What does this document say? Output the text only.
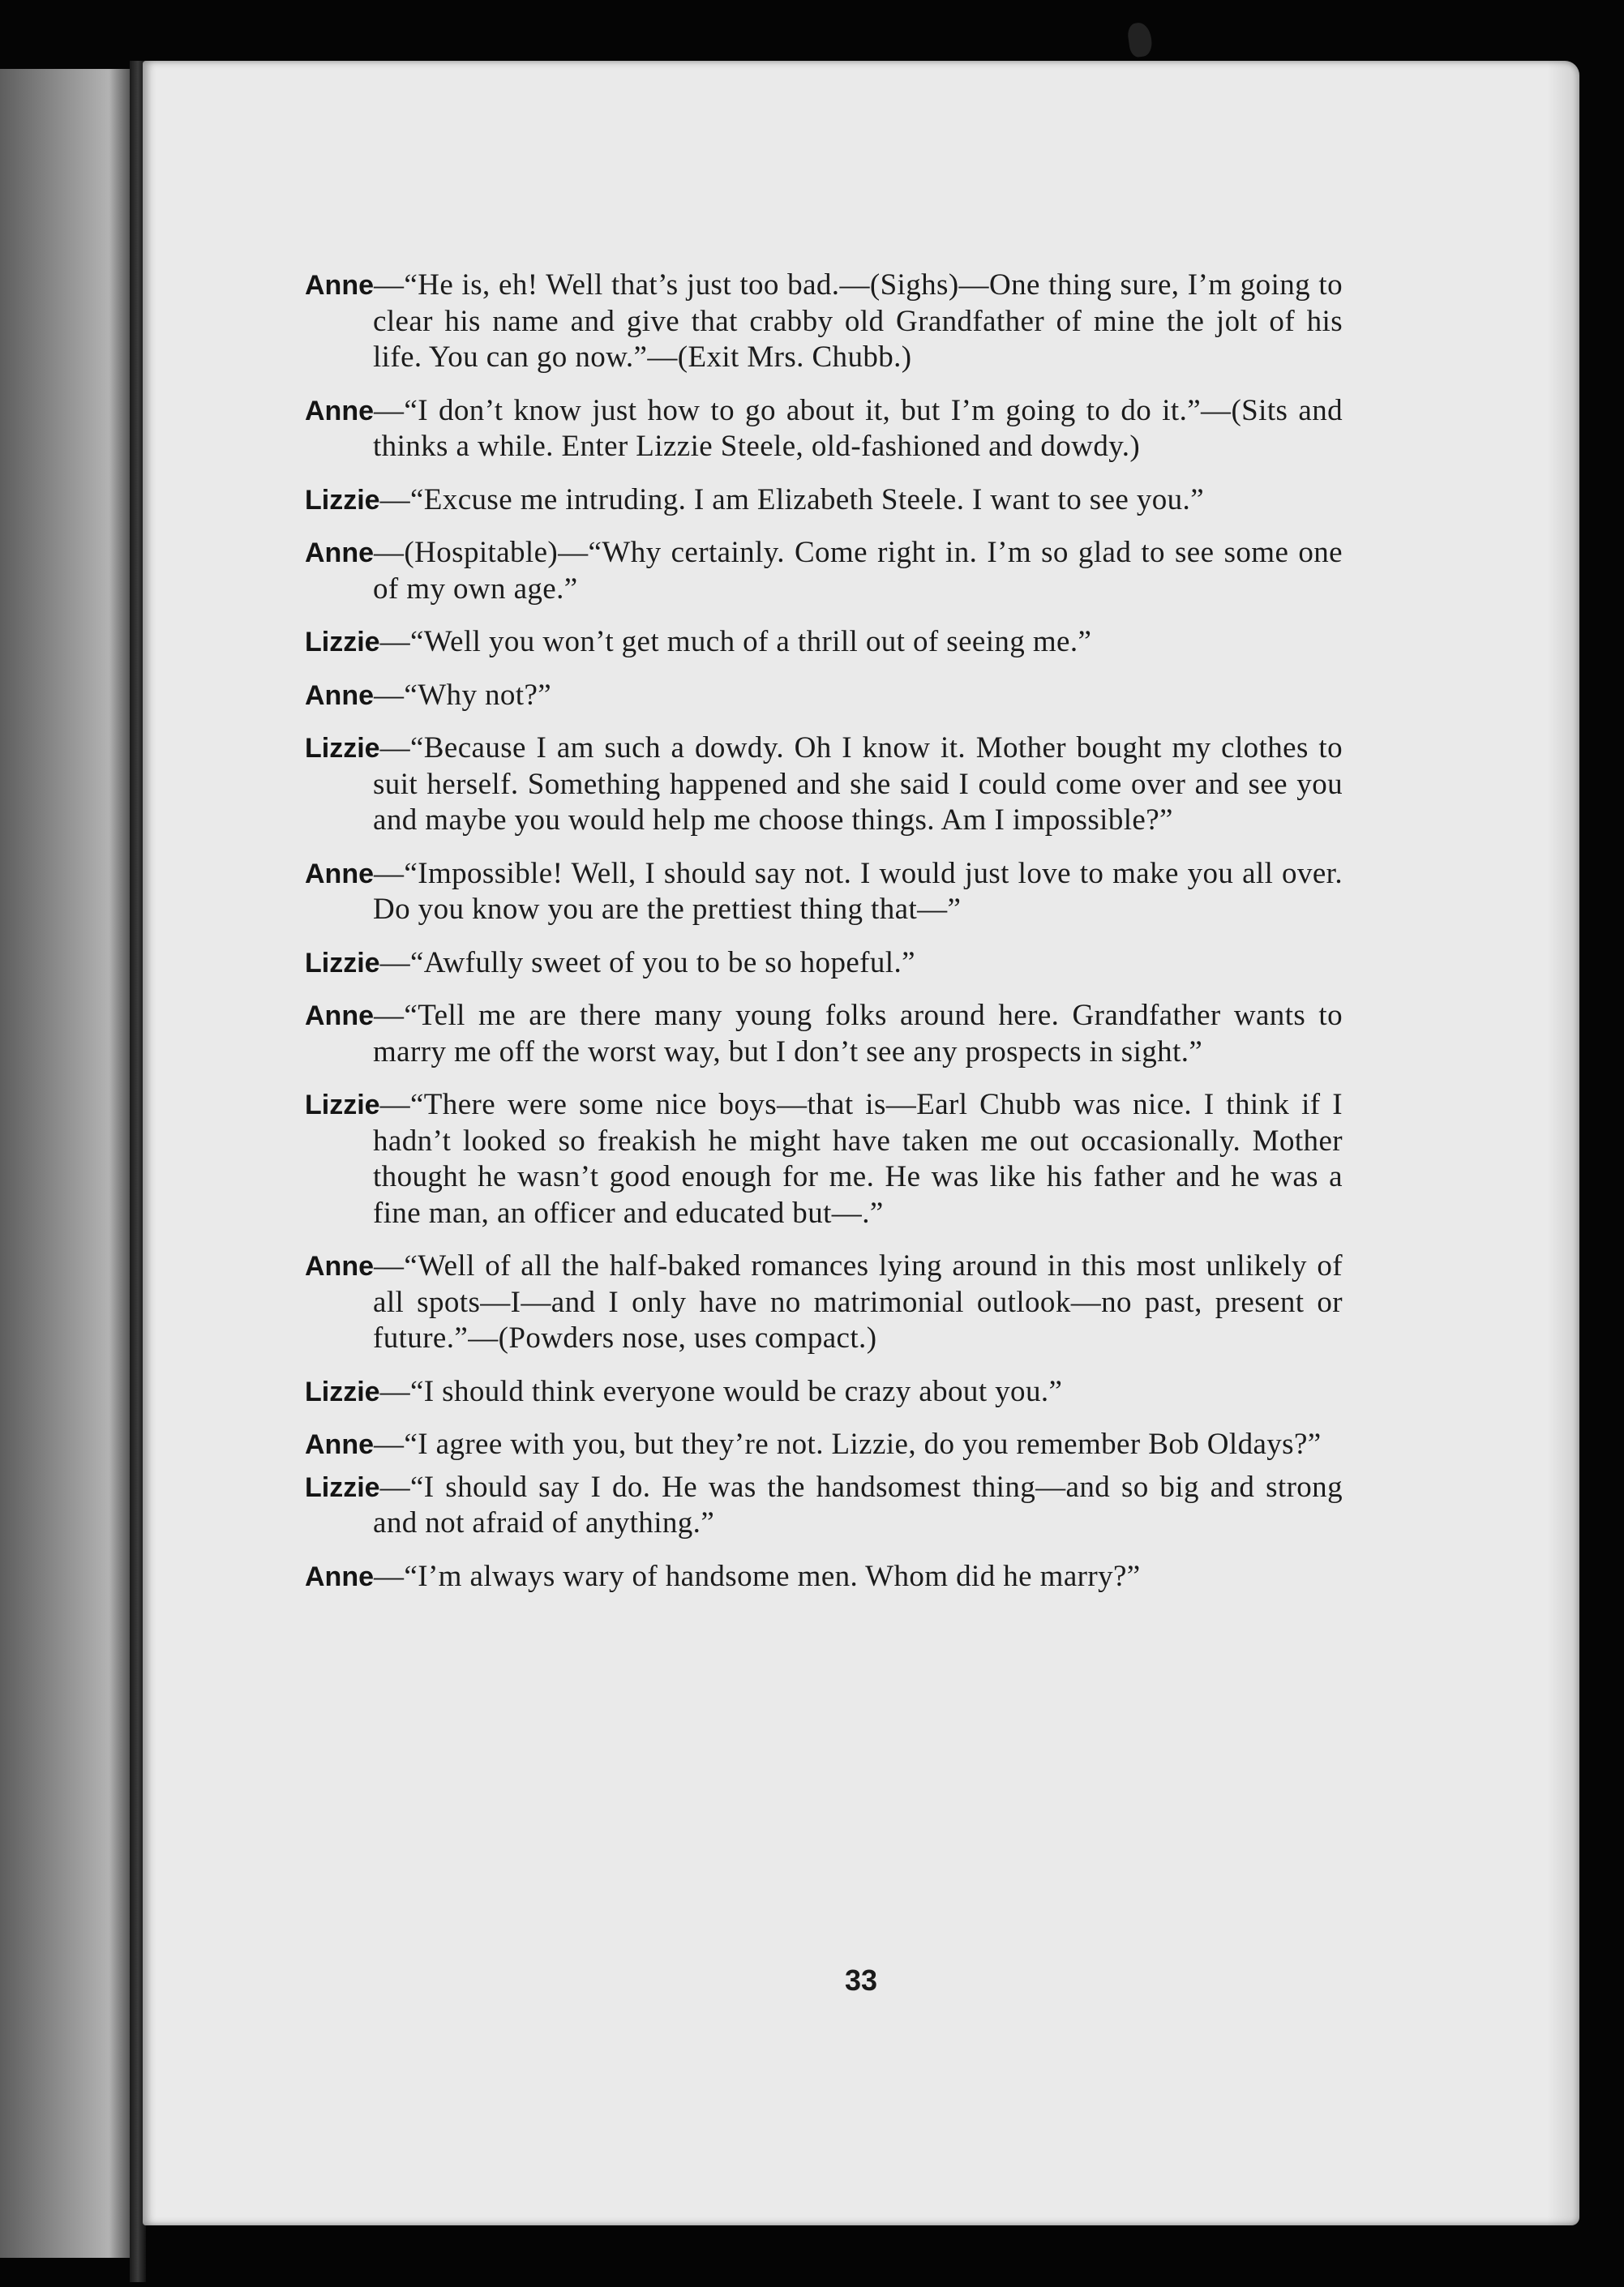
Anne—“He is, eh! Well that’s just too bad.—(Sighs)—One thing sure, I’m going to clear his name and give that crabby old Grandfather of mine the jolt of his life. You can go now.”—(Exit Mrs. Chubb.)

Anne—“I don’t know just how to go about it, but I’m going to do it.”—(Sits and thinks a while. Enter Lizzie Steele, old-fashioned and dowdy.)

Lizzie—“Excuse me intruding. I am Elizabeth Steele. I want to see you.”

Anne—(Hospitable)—“Why certainly. Come right in. I’m so glad to see some one of my own age.”

Lizzie—“Well you won’t get much of a thrill out of seeing me.”

Anne—“Why not?”

Lizzie—“Because I am such a dowdy. Oh I know it. Mother bought my clothes to suit herself. Something happened and she said I could come over and see you and maybe you would help me choose things. Am I impossible?”

Anne—“Impossible! Well, I should say not. I would just love to make you all over. Do you know you are the prettiest thing that—”

Lizzie—“Awfully sweet of you to be so hopeful.”

Anne—“Tell me are there many young folks around here. Grandfather wants to marry me off the worst way, but I don’t see any prospects in sight.”

Lizzie—“There were some nice boys—that is—Earl Chubb was nice. I think if I hadn’t looked so freakish he might have taken me out occasionally. Mother thought he wasn’t good enough for me. He was like his father and he was a fine man, an officer and educated but—.”

Anne—“Well of all the half-baked romances lying around in this most unlikely of all spots—I—and I only have no matrimonial outlook—no past, present or future.”—(Powders nose, uses compact.)

Lizzie—“I should think everyone would be crazy about you.”

Anne—“I agree with you, but they’re not. Lizzie, do you remember Bob Oldays?”

Lizzie—“I should say I do. He was the handsomest thing—and so big and strong and not afraid of anything.”

Anne—“I’m always wary of handsome men. Whom did he marry?”

33
